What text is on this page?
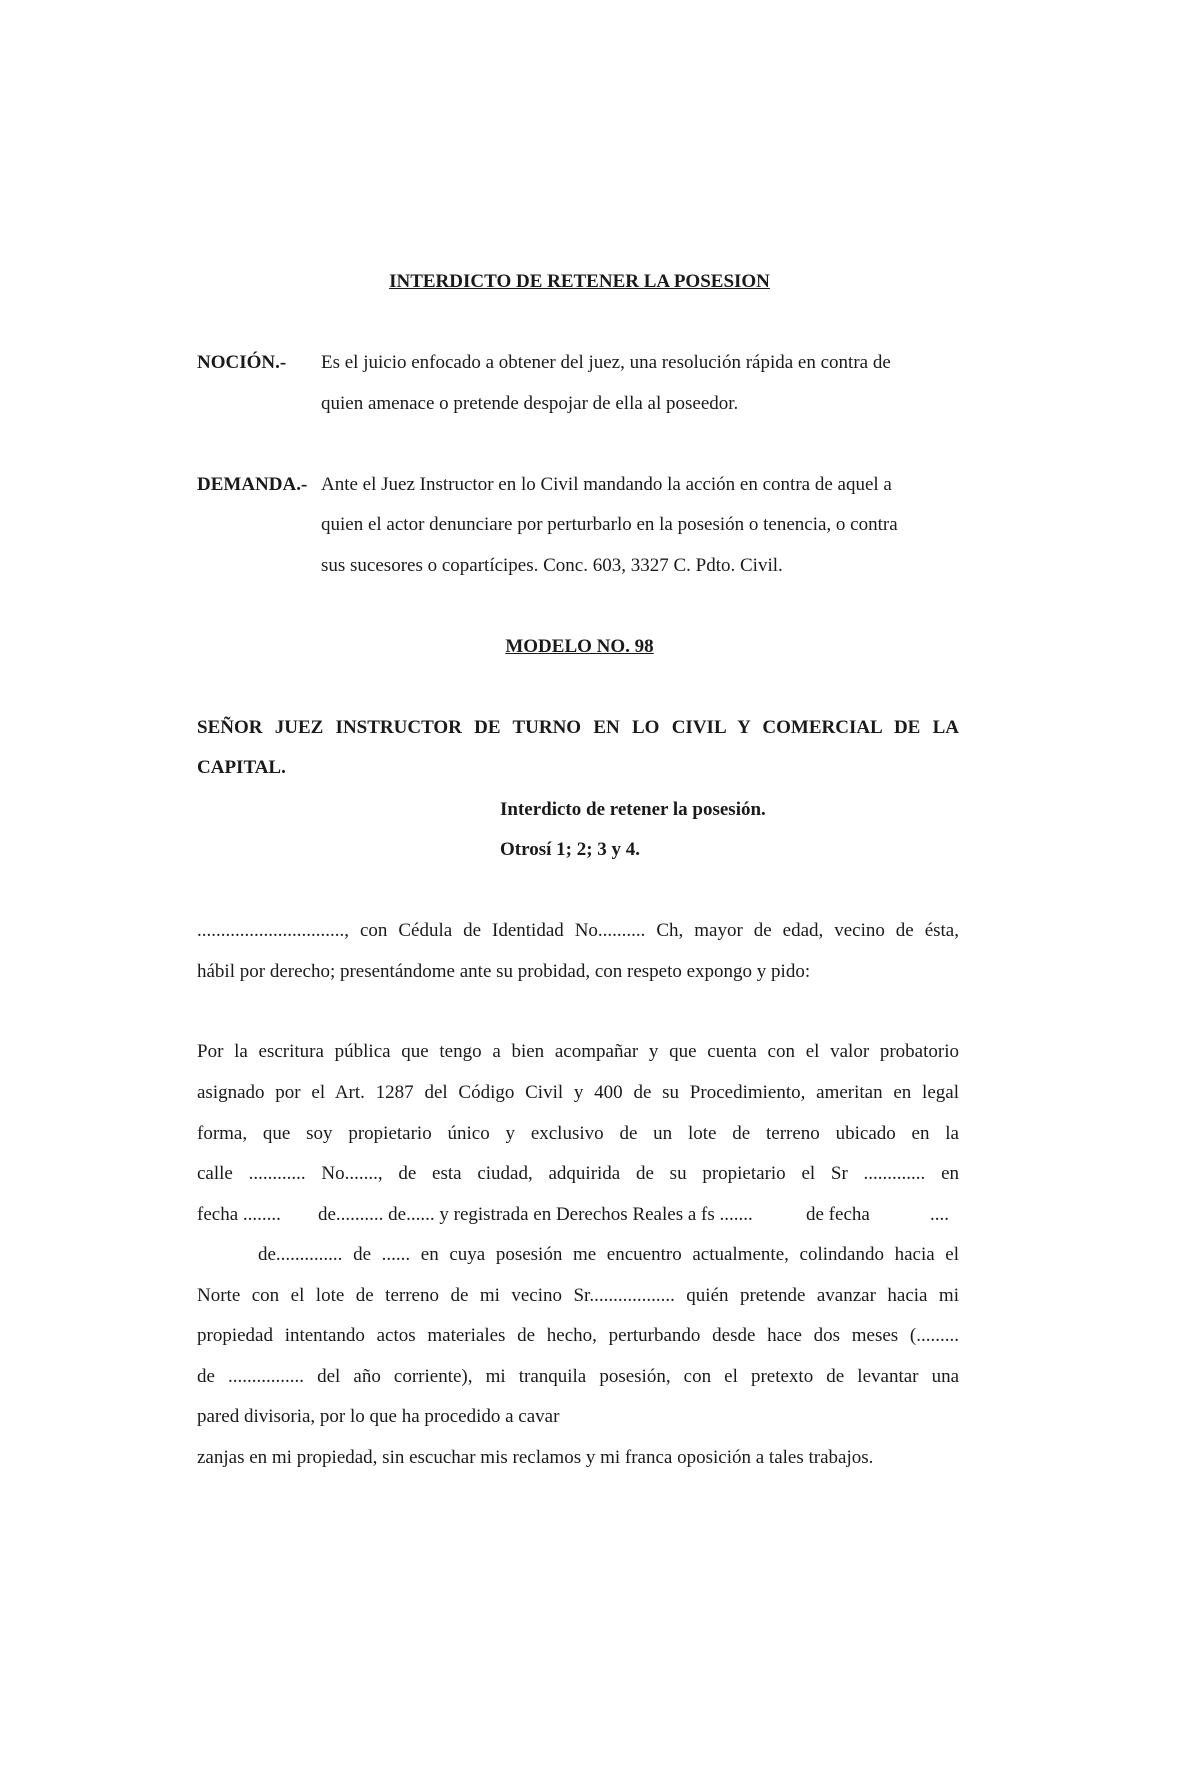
INTERDICTO DE RETENER LA POSESION
NOCIÓN.- Es el juicio enfocado a obtener del juez, una resolución rápida en contra de
quien amenace o pretende despojar de ella al poseedor.
DEMANDA.- Ante el Juez Instructor en lo Civil mandando la acción en contra de aquel a
quien el actor denunciare por perturbarlo en la posesión o tenencia, o contra
sus sucesores o copartícipes. Conc. 603, 3327 C. Pdto. Civil.
MODELO NO. 98
SEÑOR JUEZ INSTRUCTOR DE TURNO EN LO CIVIL Y COMERCIAL DE LA
CAPITAL.
Interdicto de retener la posesión.
Otrosí 1; 2; 3 y 4.
..............................., con Cédula de Identidad No.......... Ch, mayor de edad, vecino de ésta,
hábil por derecho; presentándome ante su probidad, con respeto expongo y pido:
Por la escritura pública que tengo a bien acompañar y que cuenta con el valor probatorio
asignado por el Art. 1287 del Código Civil y 400 de su Procedimiento, ameritan en legal
forma, que soy propietario único y exclusivo de un lote de terreno ubicado en la
calle ............ No......., de esta ciudad, adquirida de su propietario el Sr ............. en
fecha ........ de.......... de...... y registrada en Derechos Reales a fs .......	de fecha	....
de.............. de ...... en cuya posesión me encuentro actualmente, colindando hacia el
Norte con el lote de terreno de mi vecino Sr.................. quién pretende avanzar hacia mi
propiedad intentando actos materiales de hecho, perturbando desde hace dos meses (.........
de ................ del año corriente), mi tranquila posesión, con el pretexto de levantar una
pared divisoria, por lo que ha procedido a cavar
zanjas en mi propiedad, sin escuchar mis reclamos y mi franca oposición a tales trabajos.
